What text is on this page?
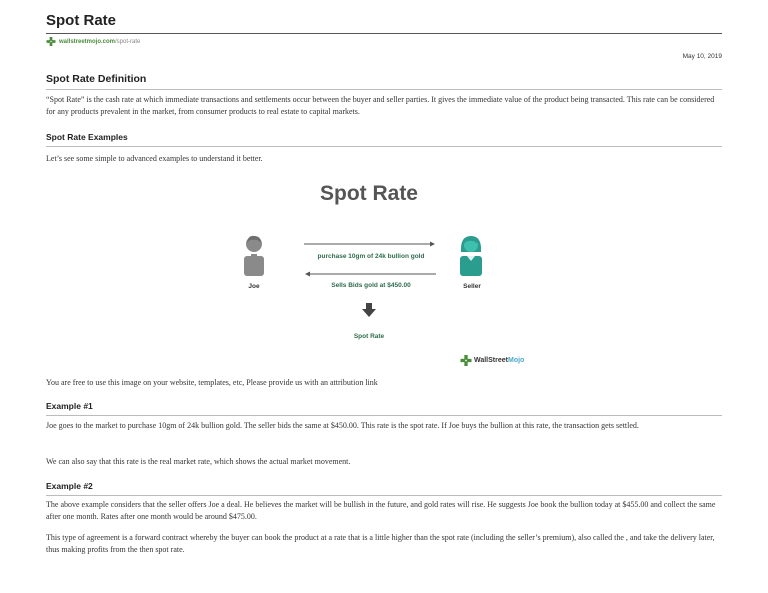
Spot Rate
wallstreetmojo.com /spot-rate
May 10, 2019
Spot Rate Definition

“Spot Rate” is the cash rate at which immediate transactions and settlements occur between the buyer and seller parties. It gives the immediate value of the product being transacted. This rate can be considered for any products prevalent in the market, from consumer products to real estate to capital markets.

Spot Rate Examples

Let’s see some simple to advanced examples to understand it better.

Spot Rate
Joe	Seller
purchase 10gm of 24k bullion gold
Sells Bids gold at $450.00
Spot Rate
Wall Street Mojo

You are free to use this image on your website, templates, etc, Please provide us with an attribution link

Example #1

Joe goes to the market to purchase 10gm of 24k bullion gold. The seller bids the same at $450.00. This rate is the spot rate. If Joe buys the bullion at this rate, the transaction gets settled.

We can also say that this rate is the real market rate, which shows the actual market movement.

Example #2

The above example considers that the seller offers Joe a deal. He believes the market will be bullish in the future, and gold rates will rise. He suggests Joe book the bullion today at $455.00 and collect the same after one month. Rates after one month would be around $475.00.

This type of agreement is a forward contract whereby the buyer can book the product at a rate that is a little higher than the spot rate (including the seller’s premium), also called the , and take the delivery later, thus making profits from the then spot rate.
